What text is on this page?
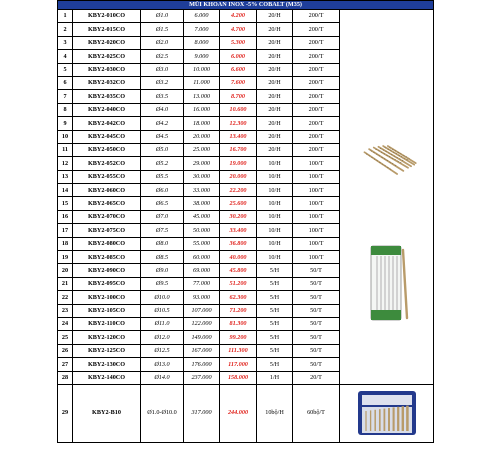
MŨI KHOAN INOX -5% COBALT (M35)							
1	KBY2-010CO	Ø1.0	6.000	4.200	20/H	200/T	

2	KBY2-015CO	Ø1.5	7.000	4.700	20/H	200/T	
3	KBY2-020CO	Ø2.0	8.000	5.300	20/H	200/T	
4	KBY2-025CO	Ø2.5	9.000	6.000	20/H	200/T	
5	KBY2-030CO	Ø3.0	10.000	6.600	20/H	200/T	
6	KBY2-032CO	Ø3.2	11.000	7.600	20/H	200/T	
7	KBY2-035CO	Ø3.5	13.000	8.700	20/H	200/T	
8	KBY2-040CO	Ø4.0	16.000	10.600	20/H	200/T	
9	KBY2-042CO	Ø4.2	18.000	12.300	20/H	200/T	
10	KBY2-045CO	Ø4.5	20.000	13.400	20/H	200/T	
11	KBY2-050CO	Ø5.0	25.000	16.700	20/H	200/T	
12	KBY2-052CO	Ø5.2	29.000	19.000	10/H	100/T	
13	KBY2-055CO	Ø5.5	30.000	20.000	10/H	100/T	
14	KBY2-060CO	Ø6.0	33.000	22.200	10/H	100/T	
15	KBY2-065CO	Ø6.5	38.000	25.600	10/H	100/T	
16	KBY2-070CO	Ø7.0	45.000	30.200	10/H	100/T	
17	KBY2-075CO	Ø7.5	50.000	33.400	10/H	100/T	
18	KBY2-080CO	Ø8.0	55.000	36.800	10/H	100/T	
19	KBY2-085CO	Ø8.5	60.000	40.000	10/H	100/T	
20	KBY2-090CO	Ø9.0	69.000	45.800	5/H	50/T	
21	KBY2-095CO	Ø9.5	77.000	51.200	5/H	50/T	
22	KBY2-100CO	Ø10.0	93.000	62.300	5/H	50/T	
23	KBY2-105CO	Ø10.5	107.000	71.200	5/H	50/T	
24	KBY2-110CO	Ø11.0	122.000	81.300	5/H	50/T	
25	KBY2-120CO	Ø12.0	149.000	99.200	5/H	50/T	
26	KBY2-125CO	Ø12.5	167.000	111.300	5/H	50/T	
27	KBY2-130CO	Ø13.0	176.000	117.000	5/H	50/T	
28	KBY2-140CO	Ø14.0	237.000	158.000	1/H	20/T	
29	KBY2-B10	Ø1.0-Ø10.0	317.000	244.000	10bộ/H	60bộ/T	
